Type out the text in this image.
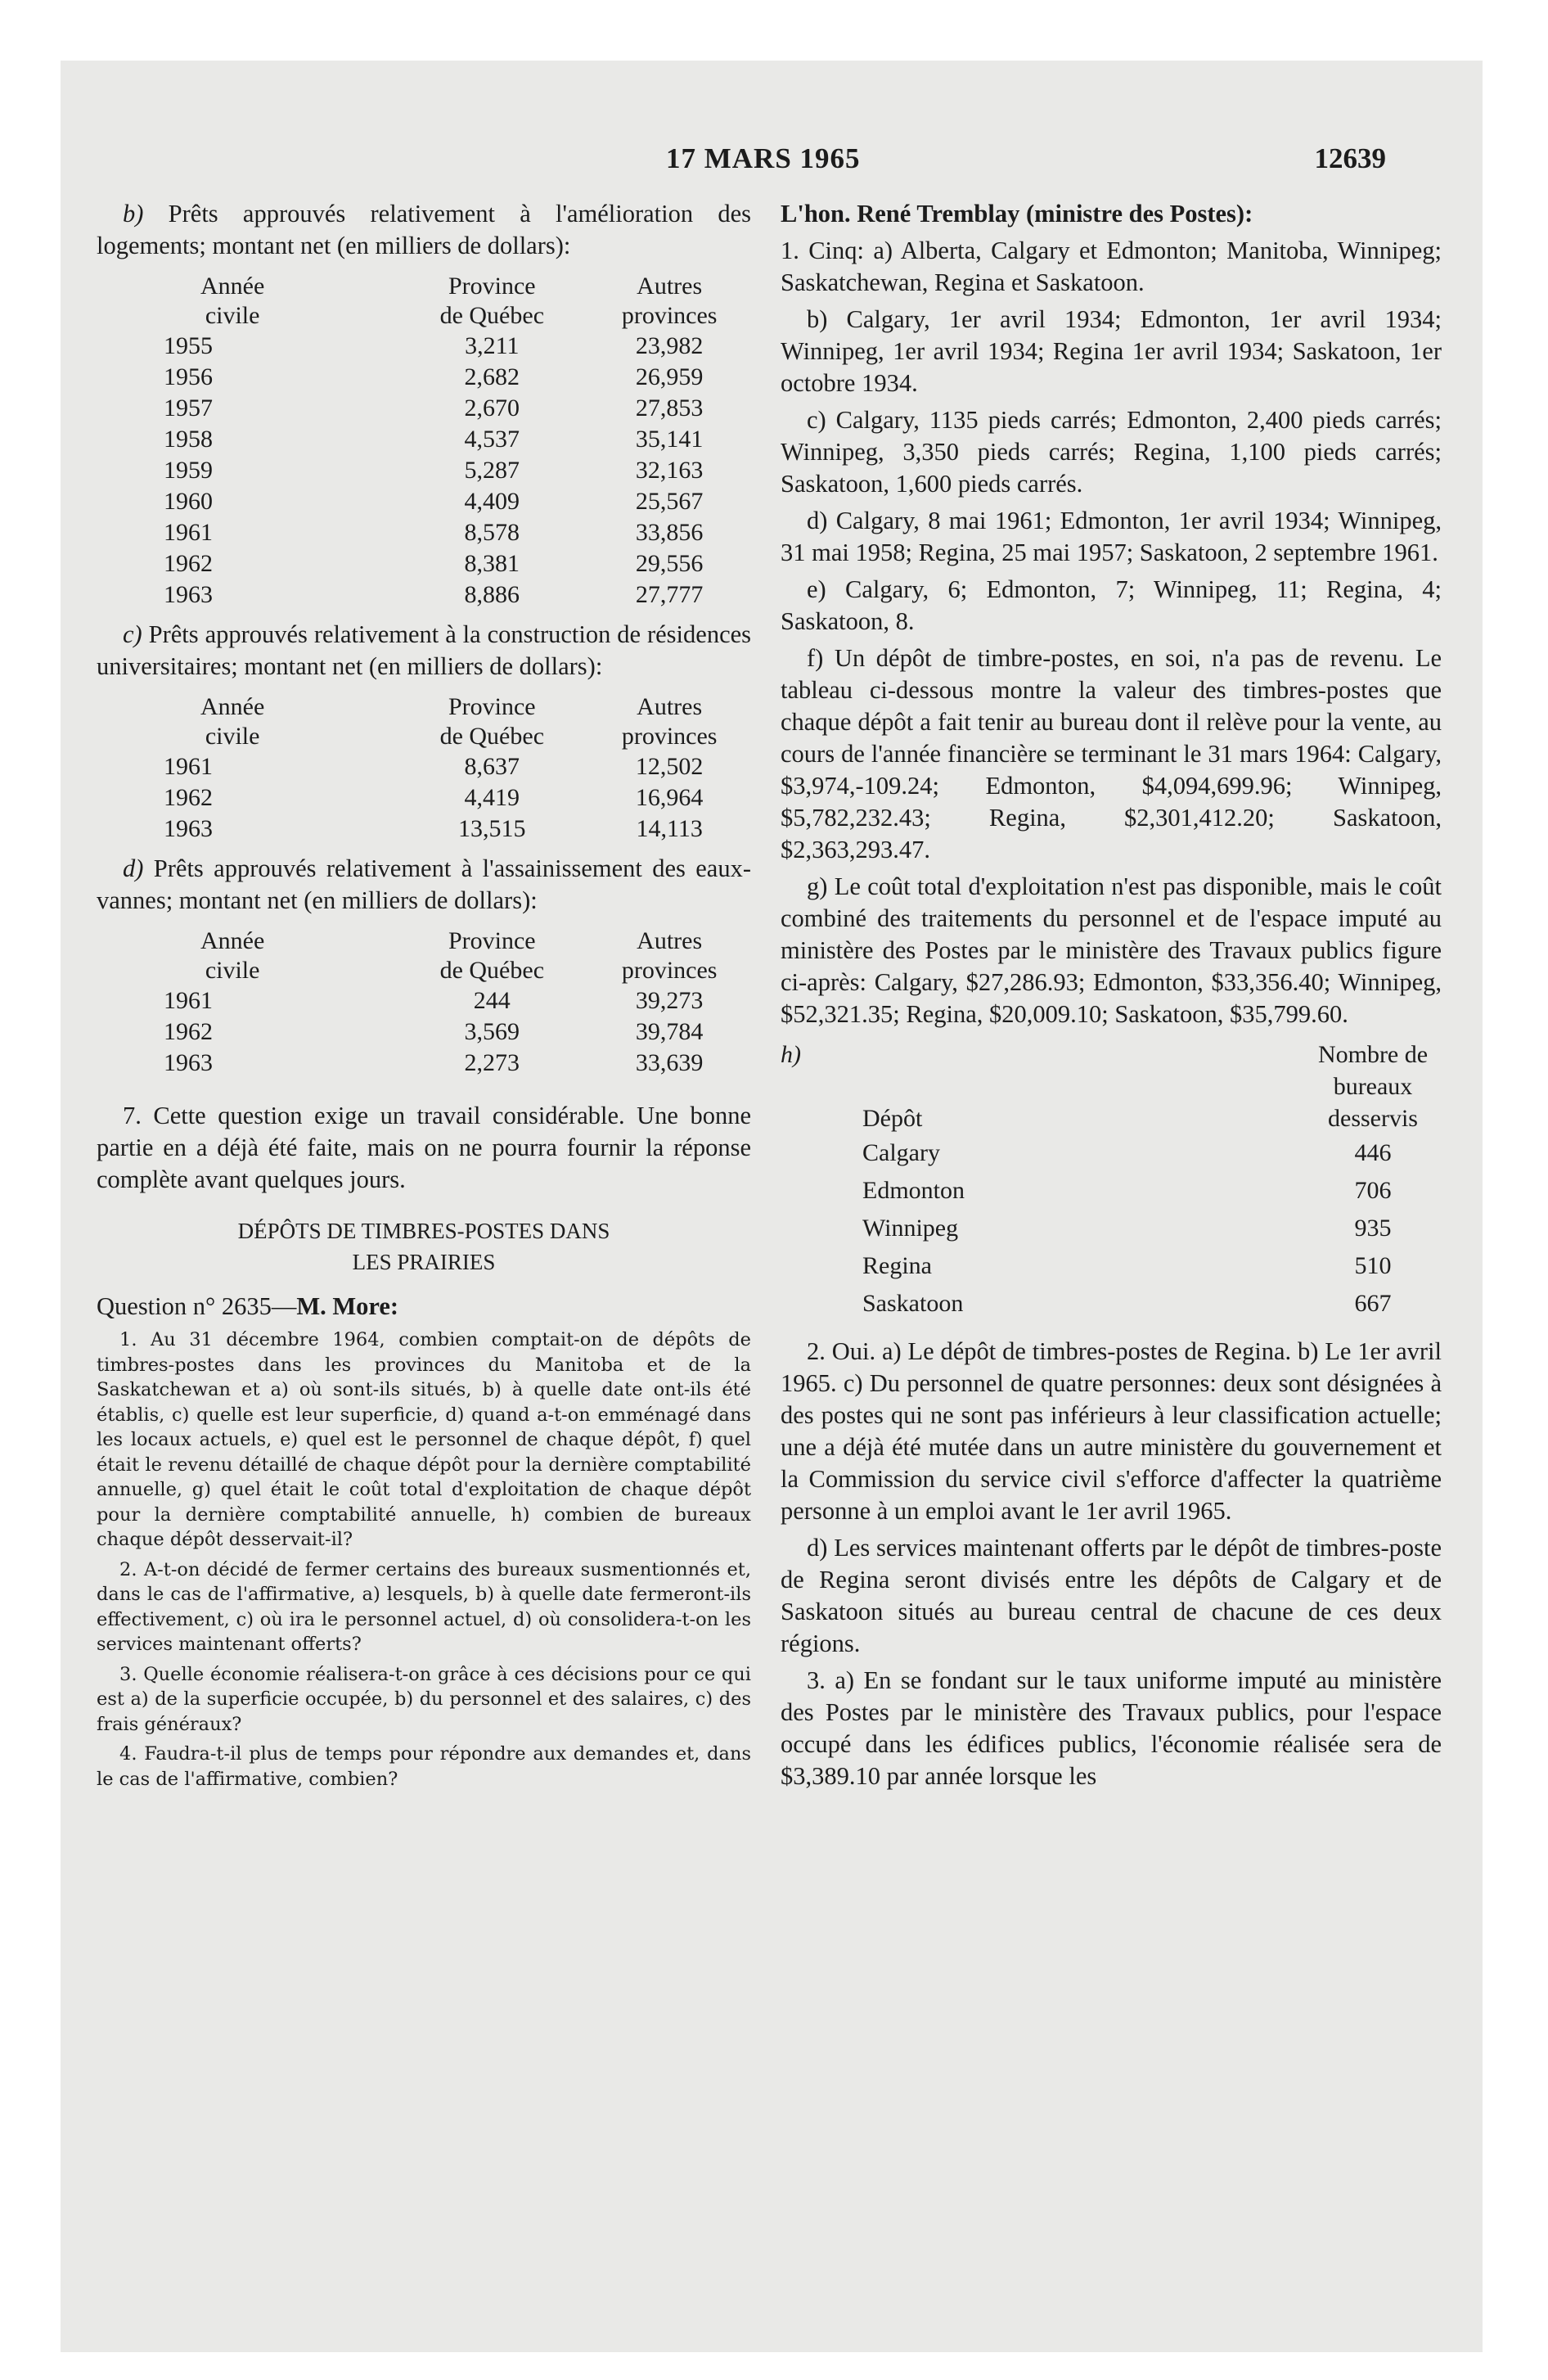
17 MARS 1965	12639

b) Prêts approuvés relativement à l'amélioration des logements; montant net (en milliers de dollars):

Année	Province	Autres
civile	de Québec	provinces
1955	3,211	23,982
1956	2,682	26,959
1957	2,670	27,853
1958	4,537	35,141
1959	5,287	32,163
1960	4,409	25,567
1961	8,578	33,856
1962	8,381	29,556
1963	8,886	27,777

c) Prêts approuvés relativement à la construction de résidences universitaires; montant net (en milliers de dollars):

Année	Province	Autres
civile	de Québec	provinces
1961	8,637	12,502
1962	4,419	16,964
1963	13,515	14,113

d) Prêts approuvés relativement à l'assainissement des eaux-vannes; montant net (en milliers de dollars):

Année	Province	Autres
civile	de Québec	provinces
1961	244	39,273
1962	3,569	39,784
1963	2,273	33,639

7. Cette question exige un travail considérable. Une bonne partie en a déjà été faite, mais on ne pourra fournir la réponse complète avant quelques jours.

DÉPÔTS DE TIMBRES-POSTES DANS
LES PRAIRIES

Question n° 2635—M. More:

1. Au 31 décembre 1964, combien comptait-on de dépôts de timbres-postes dans les provinces du Manitoba et de la Saskatchewan et a) où sont-ils situés, b) à quelle date ont-ils été établis, c) quelle est leur superficie, d) quand a-t-on emménagé dans les locaux actuels, e) quel est le personnel de chaque dépôt, f) quel était le revenu détaillé de chaque dépôt pour la dernière comptabilité annuelle, g) quel était le coût total d'exploitation de chaque dépôt pour la dernière comptabilité annuelle, h) combien de bureaux chaque dépôt desservait-il?

2. A-t-on décidé de fermer certains des bureaux susmentionnés et, dans le cas de l'affirmative, a) lesquels, b) à quelle date fermeront-ils effectivement, c) où ira le personnel actuel, d) où consolidera-t-on les services maintenant offerts?

3. Quelle économie réalisera-t-on grâce à ces décisions pour ce qui est a) de la superficie occupée, b) du personnel et des salaires, c) des frais généraux?

4. Faudra-t-il plus de temps pour répondre aux demandes et, dans le cas de l'affirmative, combien?

L'hon. René Tremblay (ministre des Postes):

1. Cinq: a) Alberta, Calgary et Edmonton; Manitoba, Winnipeg; Saskatchewan, Regina et Saskatoon.

b) Calgary, 1er avril 1934; Edmonton, 1er avril 1934; Winnipeg, 1er avril 1934; Regina 1er avril 1934; Saskatoon, 1er octobre 1934.

c) Calgary, 1135 pieds carrés; Edmonton, 2,400 pieds carrés; Winnipeg, 3,350 pieds carrés; Regina, 1,100 pieds carrés; Saskatoon, 1,600 pieds carrés.

d) Calgary, 8 mai 1961; Edmonton, 1er avril 1934; Winnipeg, 31 mai 1958; Regina, 25 mai 1957; Saskatoon, 2 septembre 1961.

e) Calgary, 6; Edmonton, 7; Winnipeg, 11; Regina, 4; Saskatoon, 8.

f) Un dépôt de timbre-postes, en soi, n'a pas de revenu. Le tableau ci-dessous montre la valeur des timbres-postes que chaque dépôt a fait tenir au bureau dont il relève pour la vente, au cours de l'année financière se terminant le 31 mars 1964: Calgary, $3,974,-109.24; Edmonton, $4,094,699.96; Winnipeg, $5,782,232.43; Regina, $2,301,412.20; Saskatoon, $2,363,293.47.

g) Le coût total d'exploitation n'est pas disponible, mais le coût combiné des traitements du personnel et de l'espace imputé au ministère des Postes par le ministère des Travaux publics figure ci-après: Calgary, $27,286.93; Edmonton, $33,356.40; Winnipeg, $52,321.35; Regina, $20,009.10; Saskatoon, $35,799.60.

h)	Dépôt	Nombre de
bureaux
desservis

	Calgary	446
	Edmonton	706
	Winnipeg	935
	Regina	510
	Saskatoon	667

2. Oui. a) Le dépôt de timbres-postes de Regina. b) Le 1er avril 1965. c) Du personnel de quatre personnes: deux sont désignées à des postes qui ne sont pas inférieurs à leur classification actuelle; une a déjà été mutée dans un autre ministère du gouvernement et la Commission du service civil s'efforce d'affecter la quatrième personne à un emploi avant le 1er avril 1965.

d) Les services maintenant offerts par le dépôt de timbres-poste de Regina seront divisés entre les dépôts de Calgary et de Saskatoon situés au bureau central de chacune de ces deux régions.

3. a) En se fondant sur le taux uniforme imputé au ministère des Postes par le ministère des Travaux publics, pour l'espace occupé dans les édifices publics, l'économie réalisée sera de $3,389.10 par année lorsque les
